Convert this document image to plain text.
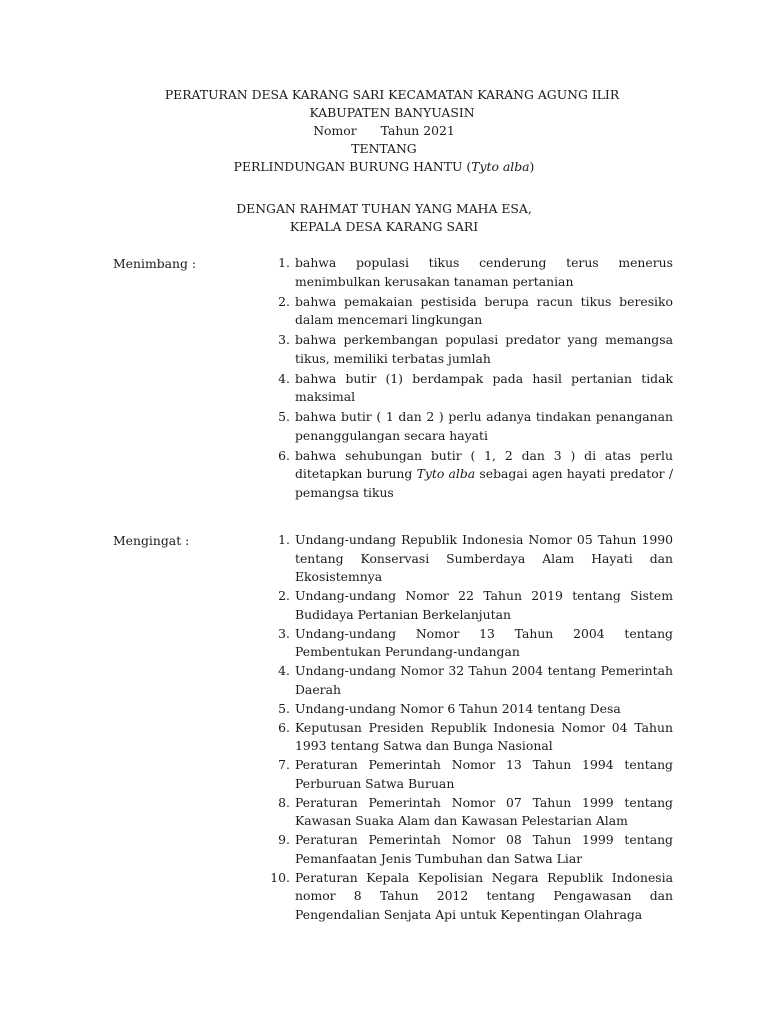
PERATURAN DESA KARANG SARI KECAMATAN KARANG AGUNG ILIR
KABUPATEN BANYUASIN
Nomor Tahun 2021
TENTANG
PERLINDUNGAN BURUNG HANTU (Tyto alba)
DENGAN RAHMAT TUHAN YANG MAHA ESA,
KEPALA DESA KARANG SARI
Menimbang :	1. bahwa populasi tikus cenderung terus menerus menimbulkan kerusakan tanaman pertanian
2. bahwa pemakaian pestisida berupa racun tikus beresiko dalam mencemari lingkungan
3. bahwa perkembangan populasi predator yang memangsa tikus, memiliki terbatas jumlah
4. bahwa butir (1) berdampak pada hasil pertanian tidak maksimal
5. bahwa butir ( 1 dan 2 ) perlu adanya tindakan penanganan penanggulangan secara hayati
6. bahwa sehubungan butir ( 1, 2 dan 3 ) di atas perlu ditetapkan burung Tyto alba sebagai agen hayati predator / pemangsa tikus
Mengingat :	1. Undang-undang Republik Indonesia Nomor 05 Tahun 1990 tentang Konservasi Sumberdaya Alam Hayati dan Ekosistemnya
2. Undang-undang Nomor 22 Tahun 2019 tentang Sistem Budidaya Pertanian Berkelanjutan
3. Undang-undang Nomor 13 Tahun 2004 tentang Pembentukan Perundang-undangan
4. Undang-undang Nomor 32 Tahun 2004 tentang Pemerintah Daerah
5. Undang-undang Nomor 6 Tahun 2014 tentang Desa
6. Keputusan Presiden Republik Indonesia Nomor 04 Tahun 1993 tentang Satwa dan Bunga Nasional
7. Peraturan Pemerintah Nomor 13 Tahun 1994 tentang Perburuan Satwa Buruan
8. Peraturan Pemerintah Nomor 07 Tahun 1999 tentang Kawasan Suaka Alam dan Kawasan Pelestarian Alam
9. Peraturan Pemerintah Nomor 08 Tahun 1999 tentang Pemanfaatan Jenis Tumbuhan dan Satwa Liar
10. Peraturan Kepala Kepolisian Negara Republik Indonesia nomor 8 Tahun 2012 tentang Pengawasan dan Pengendalian Senjata Api untuk Kepentingan Olahraga
